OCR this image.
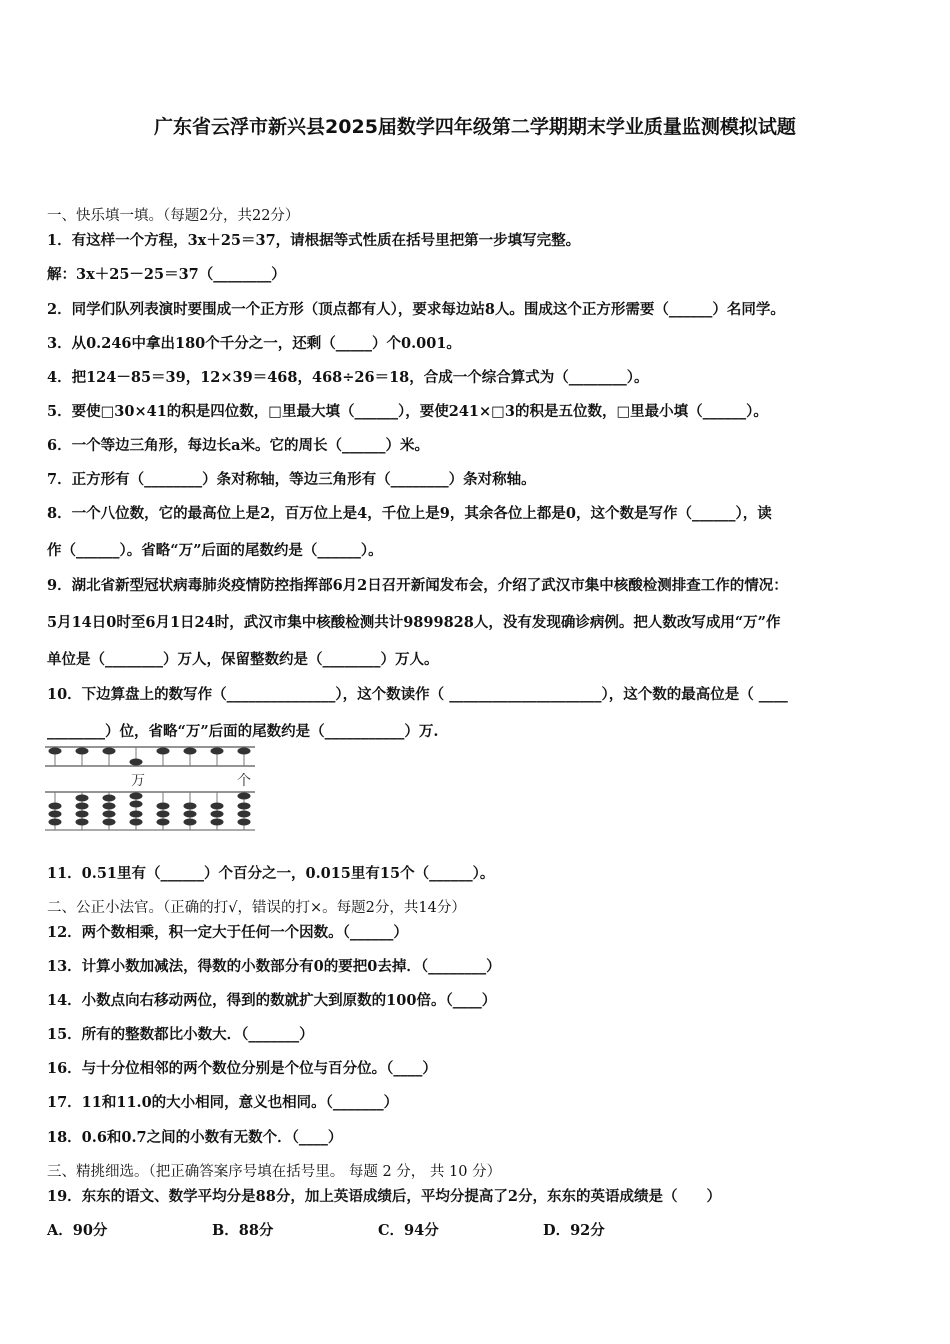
广东省云浮市新兴县2025届数学四年级第二学期期末学业质量监测模拟试题
一、快乐填一填。（每题2分，共22分）
1．有这样一个方程，3x＋25＝37，请根据等式性质在括号里把第一步填写完整。
解：3x＋25－25＝37（________）
2．同学们队列表演时要围成一个正方形（顶点都有人），要求每边站8人。围成这个正方形需要（______）名同学。
3．从0.246中拿出180个千分之一，还剩（_____）个0.001。
4．把124－85＝39，12×39＝468，468÷26＝18，合成一个综合算式为（________）。
5．要使□30×41的积是四位数，□里最大填（______），要使241×□3的积是五位数，□里最小填（______）。
6．一个等边三角形，每边长a米。它的周长（______）米。
7．正方形有（________）条对称轴，等边三角形有（________）条对称轴。
8．一个八位数，它的最高位上是2，百万位上是4，千位上是9，其余各位上都是0，这个数是写作（______），读
作（______）。省略“万”后面的尾数约是（______）。
9．湖北省新型冠状病毒肺炎疫情防控指挥部6月2日召开新闻发布会，介绍了武汉市集中核酸检测排查工作的情况：
5月14日0时至6月1日24时，武汉市集中核酸检测共计9899828人，没有发现确诊病例。把人数改写成用“万”作
单位是（________）万人，保留整数约是（________）万人。
10．下边算盘上的数写作（_______________），这个数读作（ _____________________），这个数的最高位是（ ____
________）位，省略“万”后面的尾数约是（___________）万.
万	个
11．0.51里有（______）个百分之一，0.015里有15个（______）。
二、公正小法官。（正确的打√，错误的打×。每题2分，共14分）
12．两个数相乘，积一定大于任何一个因数。（______）
13．计算小数加减法，得数的小数部分有0的要把0去掉．（________）
14．小数点向右移动两位，得到的数就扩大到原数的100倍。（____）
15．所有的整数都比小数大．（_______）
16．与十分位相邻的两个数位分别是个位与百分位。（____）
17．11和11.0的大小相同，意义也相同。（_______）
18．0.6和0.7之间的小数有无数个．（____）
三、精挑细选。（把正确答案序号填在括号里。 每题 2 分， 共 10 分）
19．东东的语文、数学平均分是88分，加上英语成绩后，平均分提高了2分，东东的英语成绩是（　　）
A．90分	B．88分	C．94分	D．92分
